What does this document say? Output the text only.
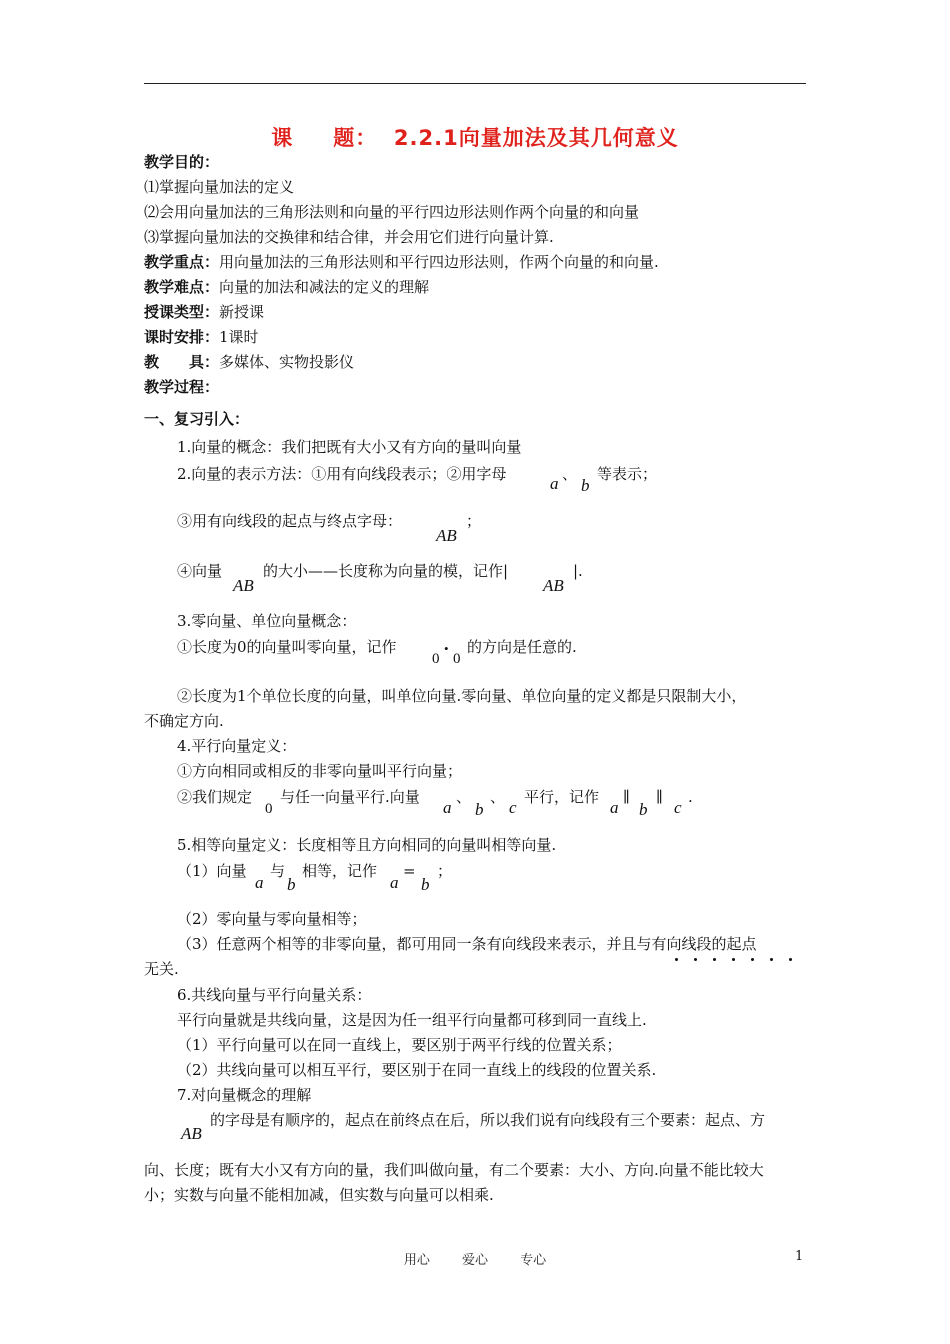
课 题： 2.2.1向量加法及其几何意义
教学目的：
⑴掌握向量加法的定义
⑵会用向量加法的三角形法则和向量的平行四边形法则作两个向量的和向量
⑶掌握向量加法的交换律和结合律，并会用它们进行向量计算.
教学重点：用向量加法的三角形法则和平行四边形法则，作两个向量的和向量.
教学难点：向量的加法和减法的定义的理解
授课类型：新授课
课时安排：1课时
教　　具：多媒体、实物投影仪
教学过程：
一、复习引入：
1.向量的概念：我们把既有大小又有方向的量叫向量
2.向量的表示方法：①用有向线段表示；②用字母	a 、
b
等表示；
③用有向线段的起点与终点字母：
AB
；
④向量
AB
的大小——长度称为向量的模，记作|
AB
|.
3.零向量、单位向量概念：
①长度为0的向量叫零向量，记作
0
•
0
的方向是任意的.
②长度为1个单位长度的向量，叫单位向量.零向量、单位向量的定义都是只限制大小，
不确定方向.
4.平行向量定义：
①方向相同或相反的非零向量叫平行向量；
②我们规定
0
与任一向量平行.向量
a
、
b
、
c
平行，记作
a
∥
b
∥
c
.
5.相等向量定义：长度相等且方向相同的向量叫相等向量.
（1）向量
a
与
b
相等，记作
a
=
b
；
（2）零向量与零向量相等；
（3）任意两个相等的非零向量，都可用同一条有向线段来表示，并且与有向线段的起点
无关.
6.共线向量与平行向量关系：
平行向量就是共线向量，这是因为任一组平行向量都可移到同一直线上.
（1）平行向量可以在同一直线上，要区别于两平行线的位置关系；
（2）共线向量可以相互平行，要区别于在同一直线上的线段的位置关系.
7.对向量概念的理解
的字母是有顺序的，起点在前终点在后，所以我们说有向线段有三个要素：起点、方
AB
向、长度；既有大小又有方向的量，我们叫做向量，有二个要素：大小、方向.向量不能比较大
小；实数与向量不能相加减，但实数与向量可以相乘.
用心 爱心 专心	1
